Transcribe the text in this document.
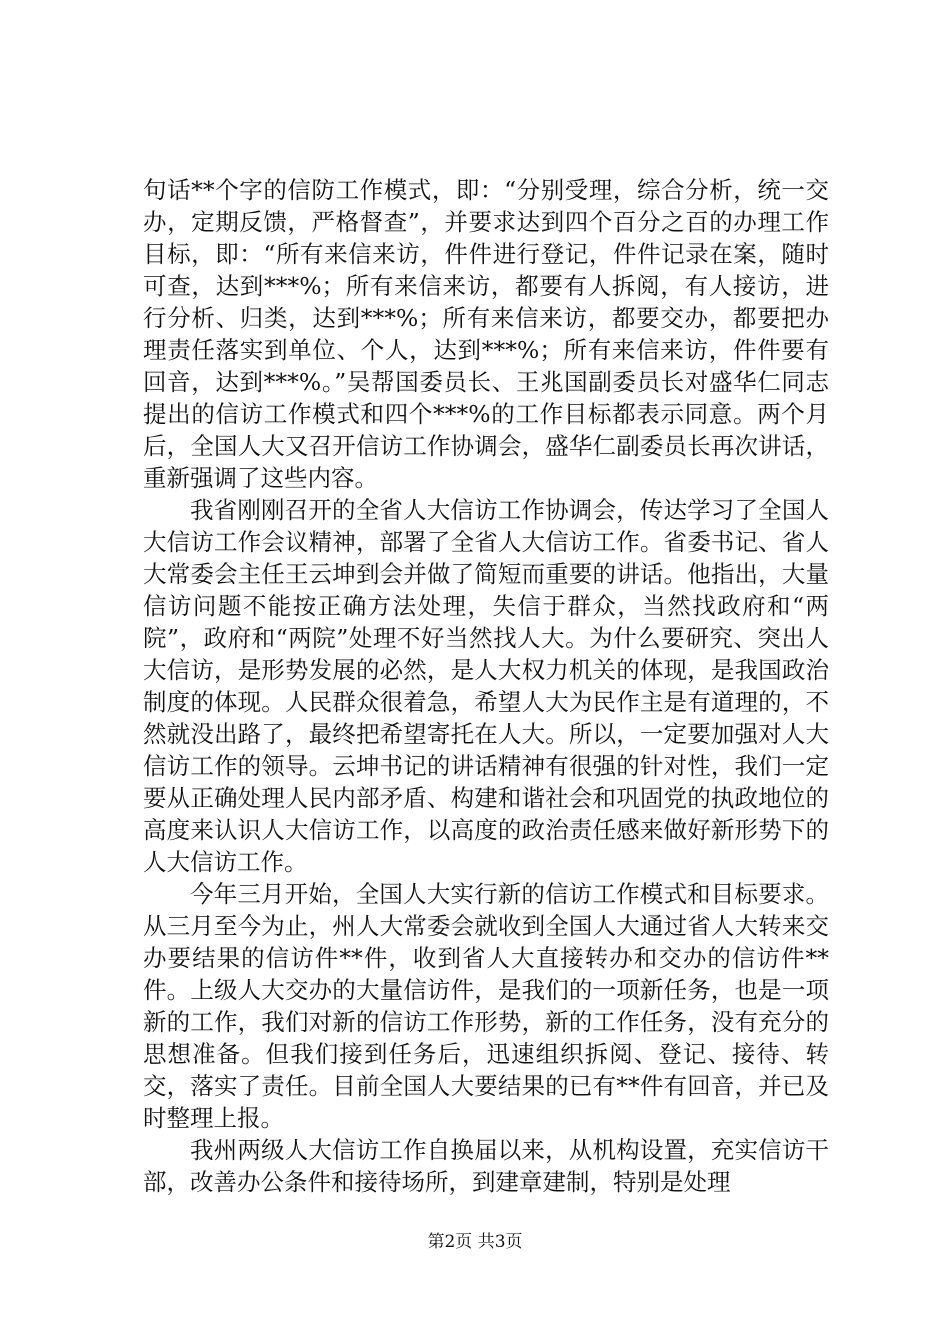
句话**个字的信防工作模式，即：“分别受理，综合分析，统一交办，定期反馈，严格督查”，并要求达到四个百分之百的办理工作目标，即：“所有来信来访，件件进行登记，件件记录在案，随时可查，达到***%；所有来信来访，都要有人拆阅，有人接访，进行分析、归类，达到***%；所有来信来访，都要交办，都要把办理责任落实到单位、个人，达到***%；所有来信来访，件件要有回音，达到***%。”吴帮国委员长、王兆国副委员长对盛华仁同志提出的信访工作模式和四个***%的工作目标都表示同意。两个月后，全国人大又召开信访工作协调会，盛华仁副委员长再次讲话，重新强调了这些内容。

我省刚刚召开的全省人大信访工作协调会，传达学习了全国人大信访工作会议精神，部署了全省人大信访工作。省委书记、省人大常委会主任王云坤到会并做了简短而重要的讲话。他指出，大量信访问题不能按正确方法处理，失信于群众，当然找政府和“两院”，政府和“两院”处理不好当然找人大。为什么要研究、突出人大信访，是形势发展的必然，是人大权力机关的体现，是我国政治制度的体现。人民群众很着急，希望人大为民作主是有道理的，不然就没出路了，最终把希望寄托在人大。所以，一定要加强对人大信访工作的领导。云坤书记的讲话精神有很强的针对性，我们一定要从正确处理人民内部矛盾、构建和谐社会和巩固党的执政地位的高度来认识人大信访工作，以高度的政治责任感来做好新形势下的人大信访工作。

今年三月开始，全国人大实行新的信访工作模式和目标要求。从三月至今为止，州人大常委会就收到全国人大通过省人大转来交办要结果的信访件**件，收到省人大直接转办和交办的信访件**件。上级人大交办的大量信访件，是我们的一项新任务，也是一项新的工作，我们对新的信访工作形势，新的工作任务，没有充分的思想准备。但我们接到任务后，迅速组织拆阅、登记、接待、转交，落实了责任。目前全国人大要结果的已有**件有回音，并已及时整理上报。

我州两级人大信访工作自换届以来，从机构设置，充实信访干部，改善办公条件和接待场所，到建章建制，特别是处理

第2页 共3页
